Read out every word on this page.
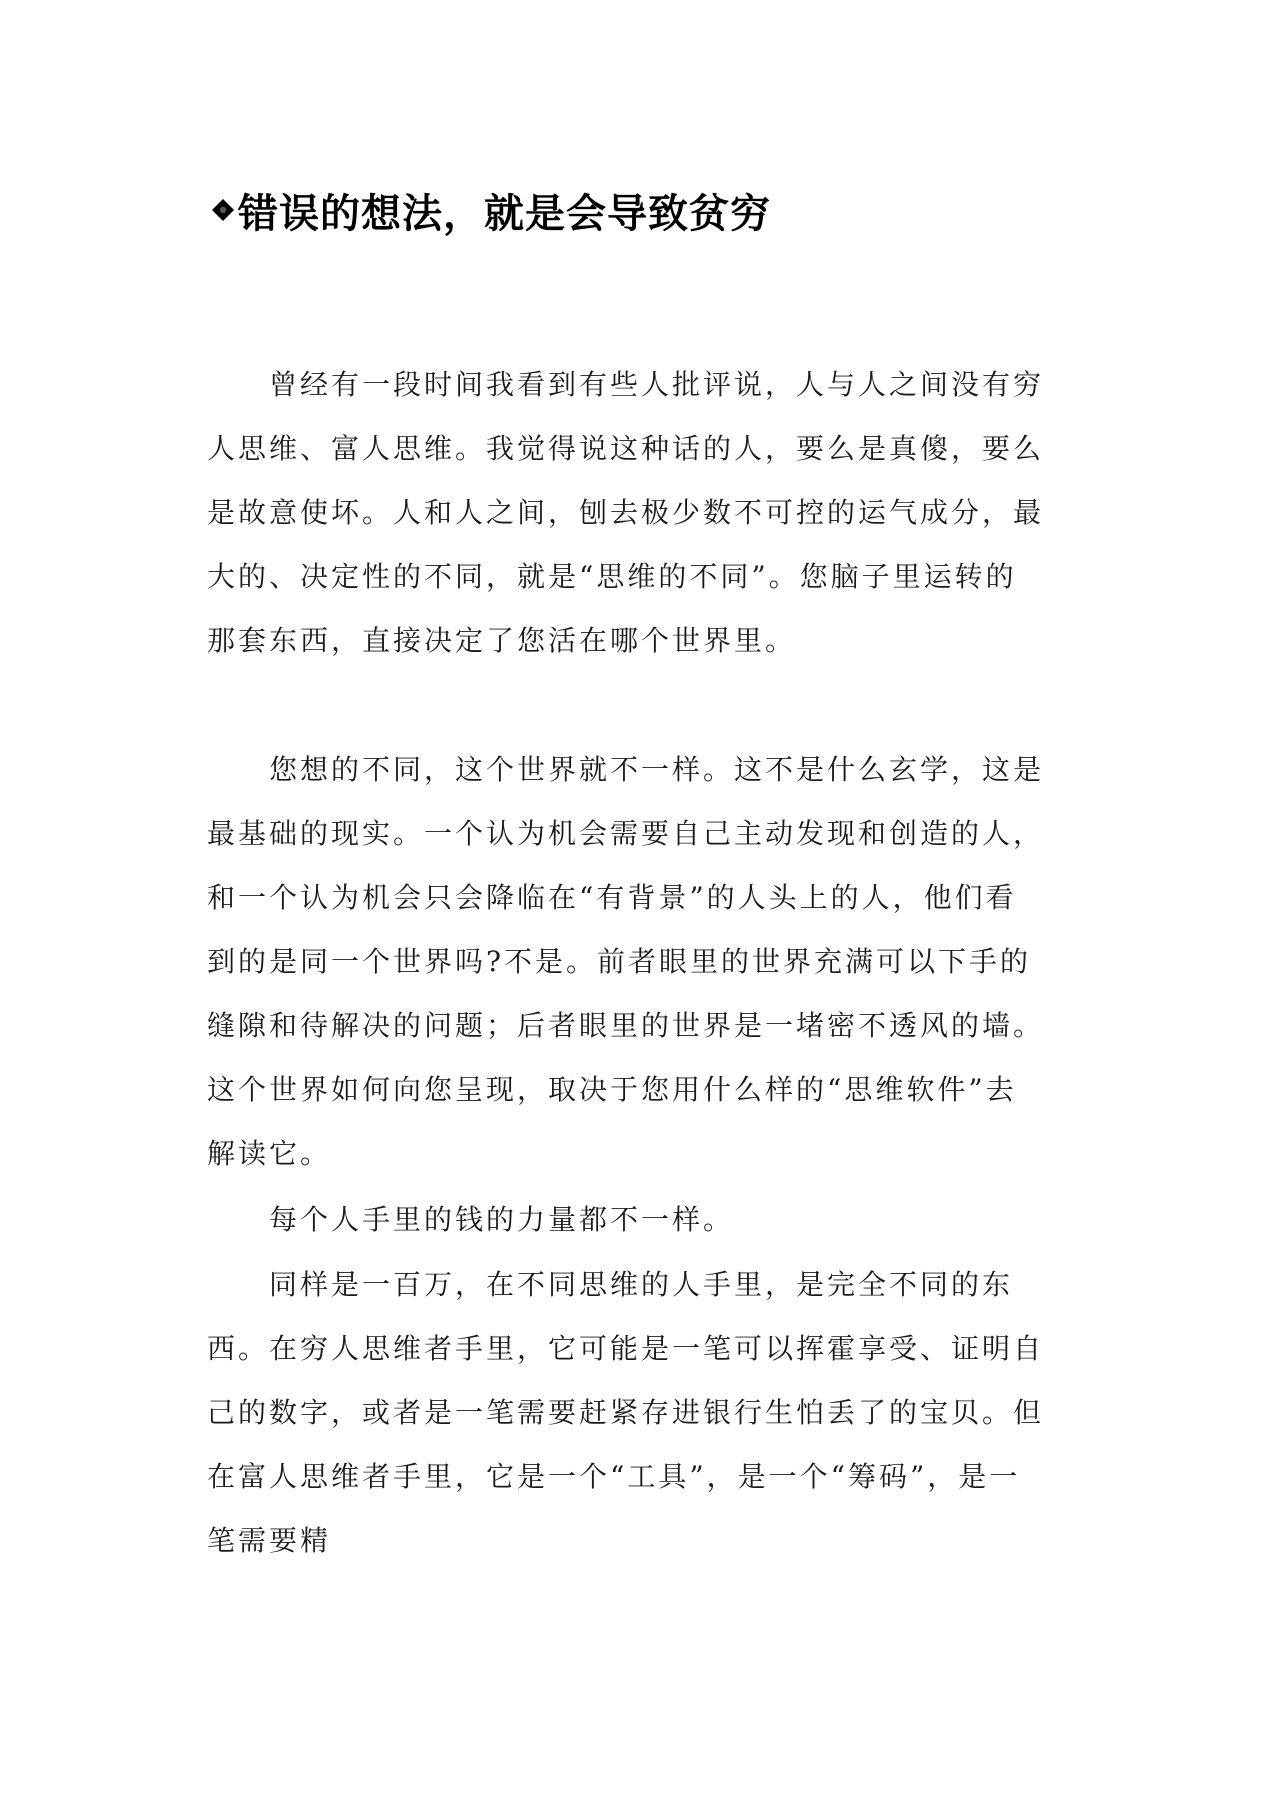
错误的想法，就是会导致贫穷

曾经有一段时间我看到有些人批评说，人与人之间没有穷人思维、富人思维。我觉得说这种话的人，要么是真傻，要么是故意使坏。人和人之间，刨去极少数不可控的运气成分，最大的、决定性的不同，就是“思维的不同”。您脑子里运转的那套东西，直接决定了您活在哪个世界里。

您想的不同，这个世界就不一样。这不是什么玄学，这是最基础的现实。一个认为机会需要自己主动发现和创造的人，和一个认为机会只会降临在“有背景”的人头上的人，他们看到的是同一个世界吗?不是。前者眼里的世界充满可以下手的缝隙和待解决的问题；后者眼里的世界是一堵密不透风的墙。这个世界如何向您呈现，取决于您用什么样的“思维软件”去解读它。

每个人手里的钱的力量都不一样。

同样是一百万，在不同思维的人手里，是完全不同的东西。在穷人思维者手里，它可能是一笔可以挥霍享受、证明自己的数字，或者是一笔需要赶紧存进银行生怕丢了的宝贝。但在富人思维者手里，它是一个“工具”，是一个“筹码”，是一笔需要精
